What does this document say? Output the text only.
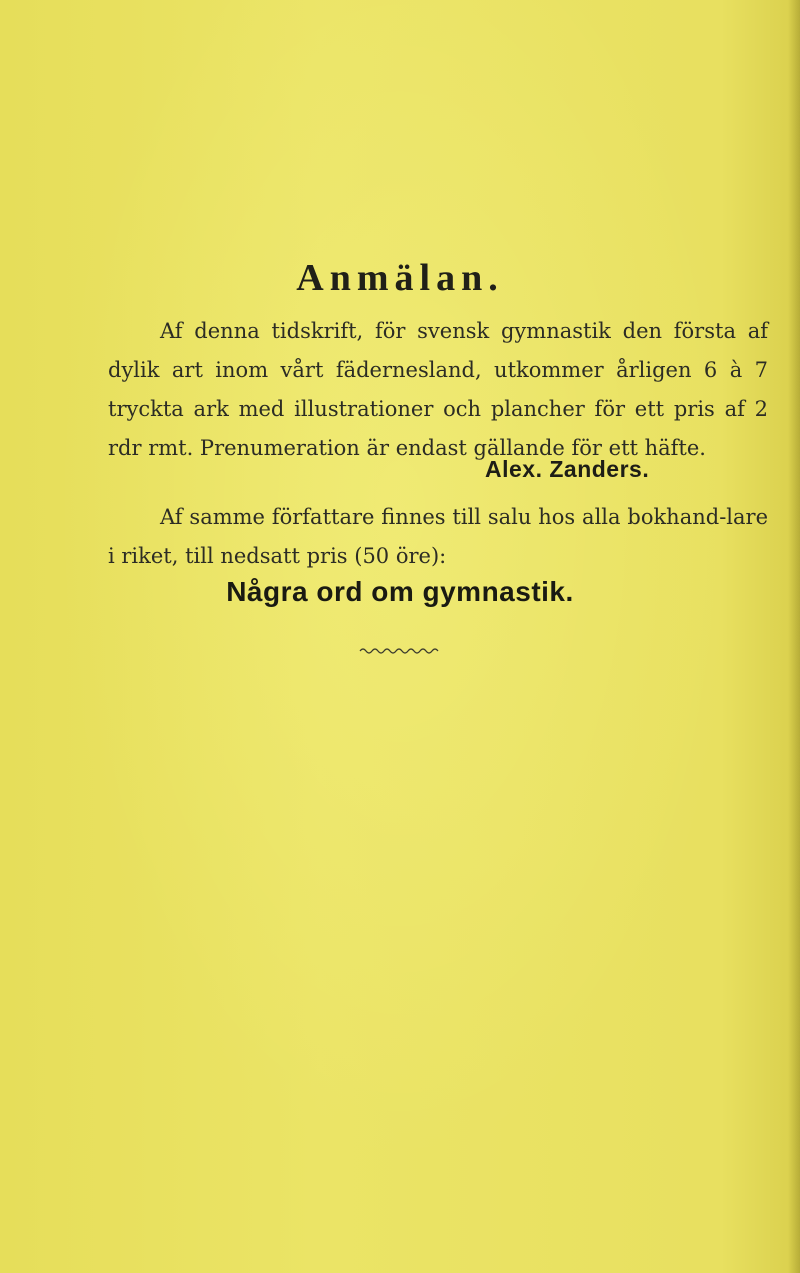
Anmälan.
Af denna tidskrift, för svensk gymnastik den första af dylik art inom vårt fädernesland, utkommer årligen 6 à 7 tryckta ark med illustrationer och plancher för ett pris af 2 rdr rmt. Prenumeration är endast gällande för ett häfte.
Alex. Zanders.
Af samme författare finnes till salu hos alla bokhand-lare i riket, till nedsatt pris (50 öre):
Några ord om gymnastik.
